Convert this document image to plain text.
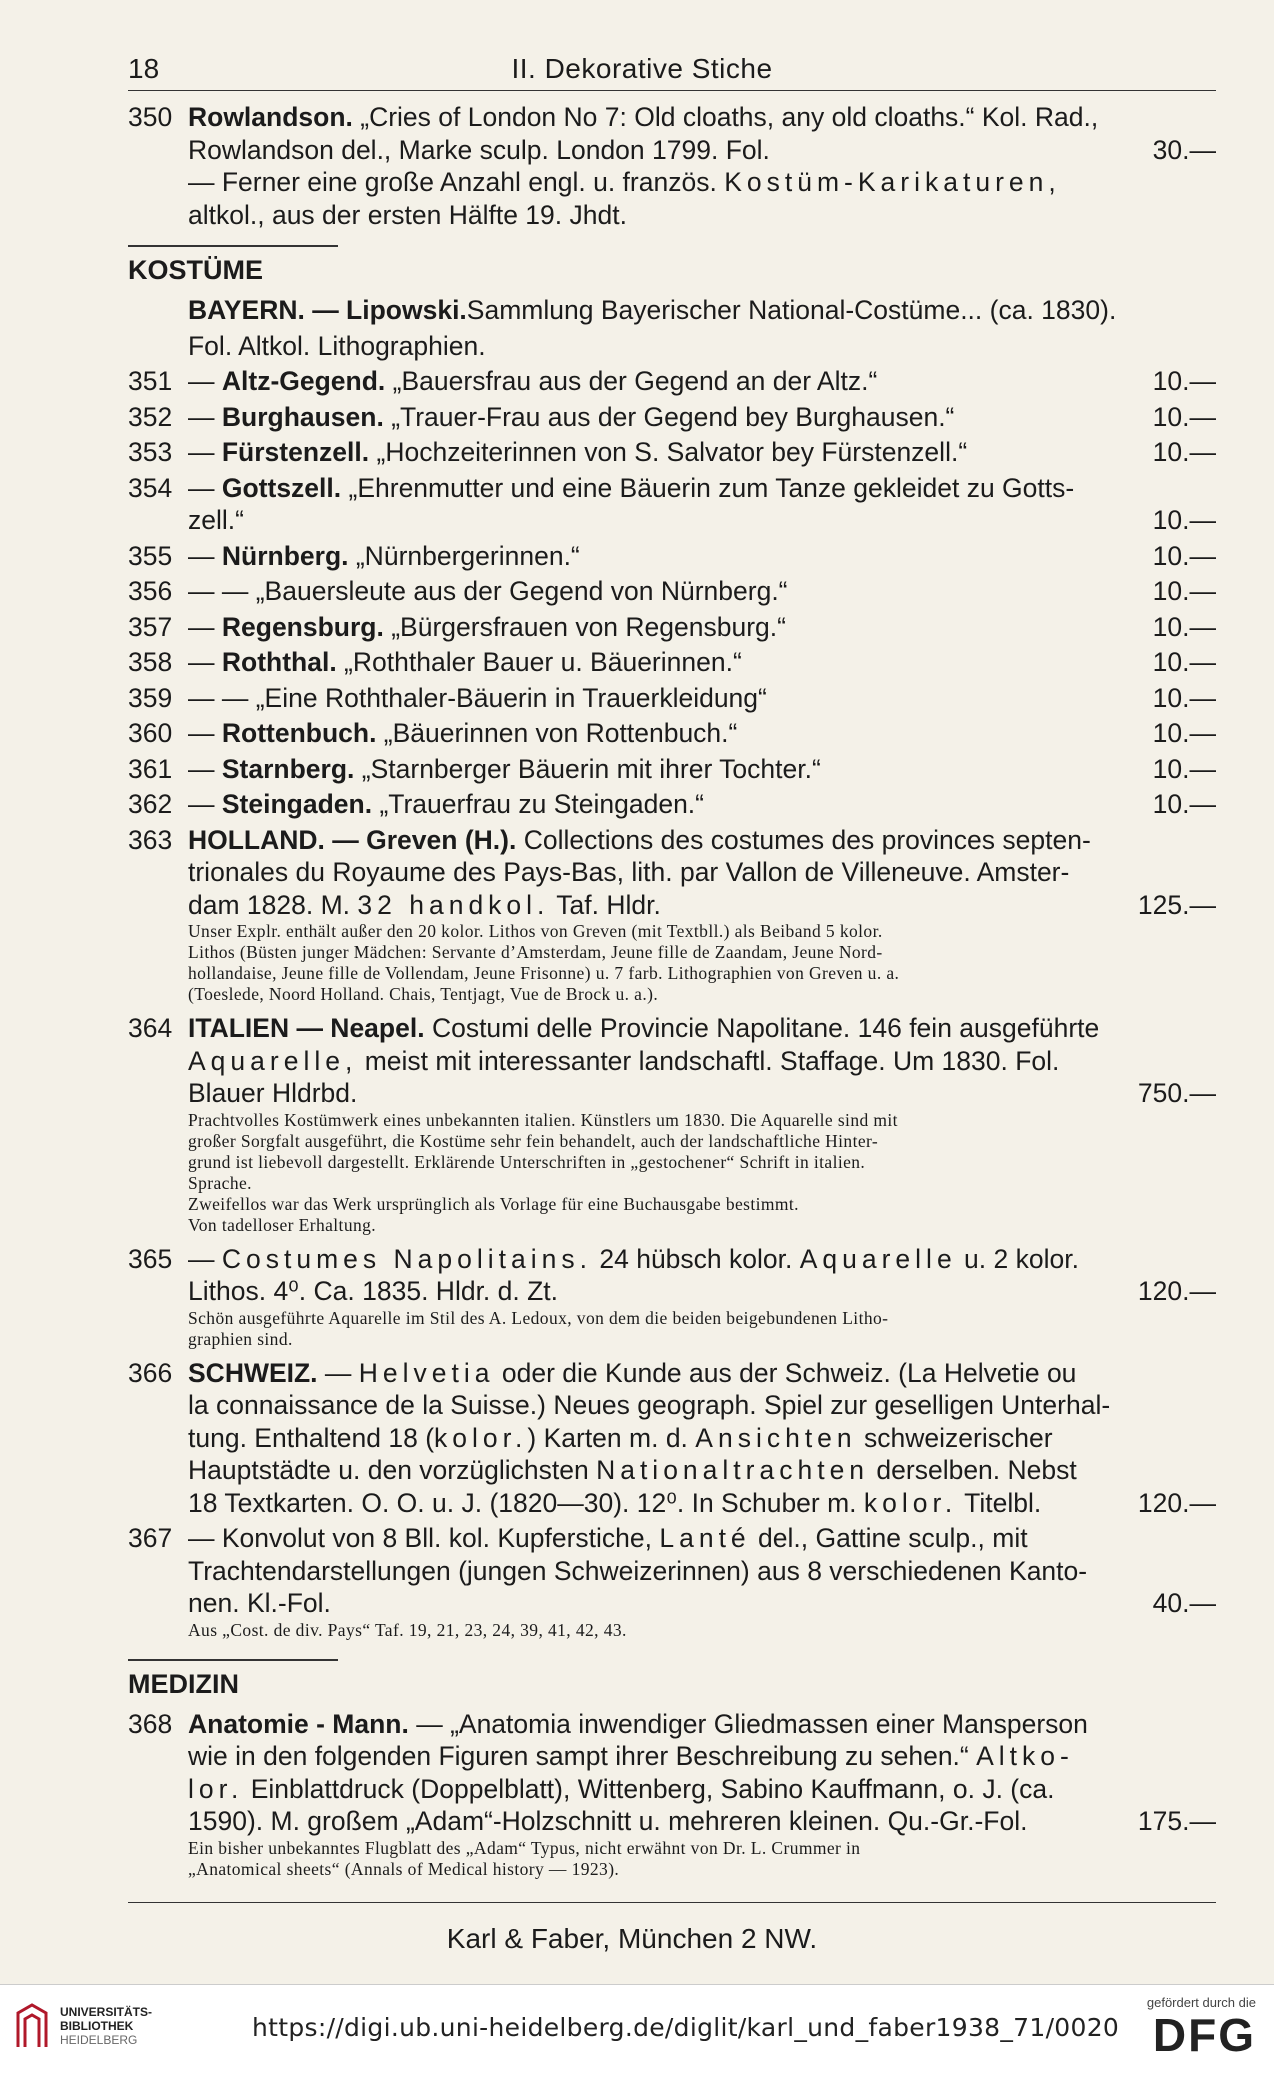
18	II. Dekorative Stiche
350 Rowlandson. „Cries of London No 7: Old cloaths, any old cloaths.“ Kol. Rad.,
Rowlandson del., Marke sculp. London 1799. Fol.	30.—
— Ferner eine große Anzahl engl. u. französ. Kostüm-Karikaturen,
altkol., aus der ersten Hälfte 19. Jhdt.
KOSTÜME
BAYERN. — Lipowski. Sammlung Bayerischer National-Costüme... (ca. 1830).
Fol. Altkol. Lithographien.
351 — Altz-Gegend. „Bauersfrau aus der Gegend an der Altz.“	10.—
352 — Burghausen. „Trauer-Frau aus der Gegend bey Burghausen.“	10.—
353 — Fürstenzell. „Hochzeiterinnen von S. Salvator bey Fürstenzell.“	10.—
354 — Gottszell. „Ehrenmutter und eine Bäuerin zum Tanze gekleidet zu Gotts-
zell.“	10.—
355 — Nürnberg. „Nürnbergerinnen.“	10.—
356 — — „Bauersleute aus der Gegend von Nürnberg.“	10.—
357 — Regensburg. „Bürgersfrauen von Regensburg.“	10.—
358 — Roththal. „Roththaler Bauer u. Bäuerinnen.“	10.—
359 — — „Eine Roththaler-Bäuerin in Trauerkleidung“	10.—
360 — Rottenbuch. „Bäuerinnen von Rottenbuch.“	10.—
361 — Starnberg. „Starnberger Bäuerin mit ihrer Tochter.“	10.—
362 — Steingaden. „Trauerfrau zu Steingaden.“	10.—
363 HOLLAND. — Greven (H.). Collections des costumes des provinces septen-
trionales du Royaume des Pays-Bas, lith. par Vallon de Villeneuve. Amster-
dam 1828. M. 32 handkol. Taf. Hldr.	125.—
Unser Explr. enthält außer den 20 kolor. Lithos von Greven (mit Textbll.) als Beiband 5 kolor.
Lithos (Büsten junger Mädchen: Servante d’Amsterdam, Jeune fille de Zaandam, Jeune Nord-
hollandaise, Jeune fille de Vollendam, Jeune Frisonne) u. 7 farb. Lithographien von Greven u. a.
(Toeslede, Noord Holland. Chais, Tentjagt, Vue de Brock u. a.).
364 ITALIEN — Neapel. Costumi delle Provincie Napolitane. 146 fein ausgeführte
Aquarelle, meist mit interessanter landschaftl. Staffage. Um 1830. Fol.
Blauer Hldrbd.	750.—
Prachtvolles Kostümwerk eines unbekannten italien. Künstlers um 1830. Die Aquarelle sind mit
großer Sorgfalt ausgeführt, die Kostüme sehr fein behandelt, auch der landschaftliche Hinter-
grund ist liebevoll dargestellt. Erklärende Unterschriften in „gestochener“ Schrift in italien.
Sprache.
Zweifellos war das Werk ursprünglich als Vorlage für eine Buchausgabe bestimmt.
Von tadelloser Erhaltung.
365 — Costumes Napolitains. 24 hübsch kolor. Aquarelle u. 2 kolor.
Lithos. 4⁰. Ca. 1835. Hldr. d. Zt.	120.—
Schön ausgeführte Aquarelle im Stil des A. Ledoux, von dem die beiden beigebundenen Litho-
graphien sind.
366 SCHWEIZ. — Helvetia oder die Kunde aus der Schweiz. (La Helvetie ou
la connaissance de la Suisse.) Neues geograph. Spiel zur geselligen Unterhal-
tung. Enthaltend 18 (kolor.) Karten m. d. Ansichten schweizerischer
Hauptstädte u. den vorzüglichsten Nationaltrachten derselben. Nebst
18 Textkarten. O. O. u. J. (1820—30). 12⁰. In Schuber m. kolor. Titelbl.	120.—
367 — Konvolut von 8 Bll. kol. Kupferstiche, Lanté del., Gattine sculp., mit
Trachtendarstellungen (jungen Schweizerinnen) aus 8 verschiedenen Kanto-
nen. Kl.-Fol.	40.—
Aus „Cost. de div. Pays“ Taf. 19, 21, 23, 24, 39, 41, 42, 43.
MEDIZIN
368 Anatomie - Mann. — „Anatomia inwendiger Gliedmassen einer Mansperson
wie in den folgenden Figuren sampt ihrer Beschreibung zu sehen.“ Altko-
lor. Einblattdruck (Doppelblatt), Wittenberg, Sabino Kauffmann, o. J. (ca.
1590). M. großem „Adam“-Holzschnitt u. mehreren kleinen. Qu.-Gr.-Fol.	175.—
Ein bisher unbekanntes Flugblatt des „Adam“ Typus, nicht erwähnt von Dr. L. Crummer in
„Anatomical sheets“ (Annals of Medical history — 1923).
Karl & Faber, München 2 NW.
UNIVERSITÄTS-
BIBLIOTHEK
HEIDELBERG	https://digi.ub.uni-heidelberg.de/diglit/karl_und_faber1938_71/0020
gefördert durch die
DFG
